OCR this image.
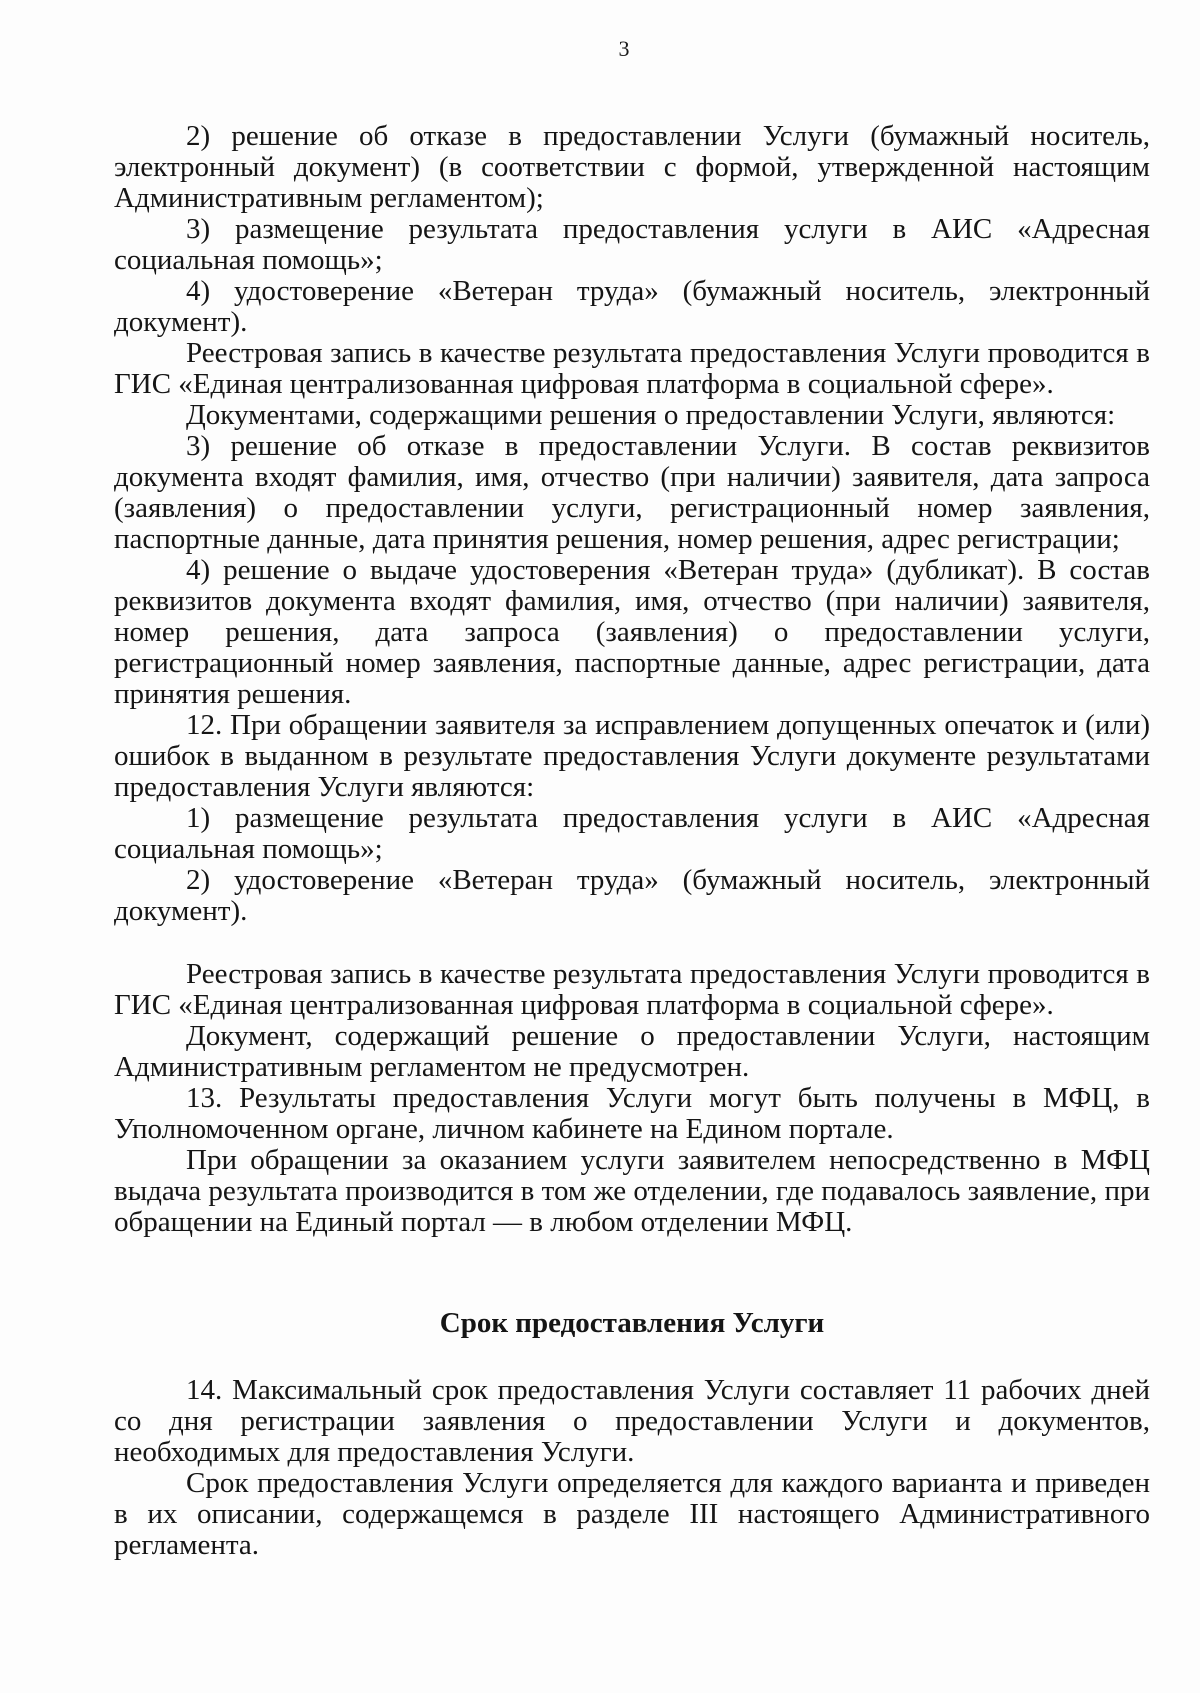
3

2) решение об отказе в предоставлении Услуги (бумажный носитель, электронный документ) (в соответствии с формой, утвержденной настоящим Административным регламентом);

3) размещение результата предоставления услуги в АИС «Адресная социальная помощь»;

4) удостоверение «Ветеран труда» (бумажный носитель, электронный документ).

Реестровая запись в качестве результата предоставления Услуги проводится в ГИС «Единая централизованная цифровая платформа в социальной сфере».

Документами, содержащими решения о предоставлении Услуги, являются:

3) решение об отказе в предоставлении Услуги. В состав реквизитов документа входят фамилия, имя, отчество (при наличии) заявителя, дата запроса (заявления) о предоставлении услуги, регистрационный номер заявления, паспортные данные, дата принятия решения, номер решения, адрес регистрации;

4) решение о выдаче удостоверения «Ветеран труда» (дубликат). В состав реквизитов документа входят фамилия, имя, отчество (при наличии) заявителя, номер решения, дата запроса (заявления) о предоставлении услуги, регистрационный номер заявления, паспортные данные, адрес регистрации, дата принятия решения.

12. При обращении заявителя за исправлением допущенных опечаток и (или) ошибок в выданном в результате предоставления Услуги документе результатами предоставления Услуги являются:

1) размещение результата предоставления услуги в АИС «Адресная социальная помощь»;

2) удостоверение «Ветеран труда» (бумажный носитель, электронный документ).

Реестровая запись в качестве результата предоставления Услуги проводится в ГИС «Единая централизованная цифровая платформа в социальной сфере».

Документ, содержащий решение о предоставлении Услуги, настоящим Административным регламентом не предусмотрен.

13. Результаты предоставления Услуги могут быть получены в МФЦ, в Уполномоченном органе, личном кабинете на Едином портале.

При обращении за оказанием услуги заявителем непосредственно в МФЦ выдача результата производится в том же отделении, где подавалось заявление, при обращении на Единый портал — в любом отделении МФЦ.

Срок предоставления Услуги

14. Максимальный срок предоставления Услуги составляет 11 рабочих дней со дня регистрации заявления о предоставлении Услуги и документов, необходимых для предоставления Услуги.

Срок предоставления Услуги определяется для каждого варианта и приведен в их описании, содержащемся в разделе III настоящего Административного регламента.
